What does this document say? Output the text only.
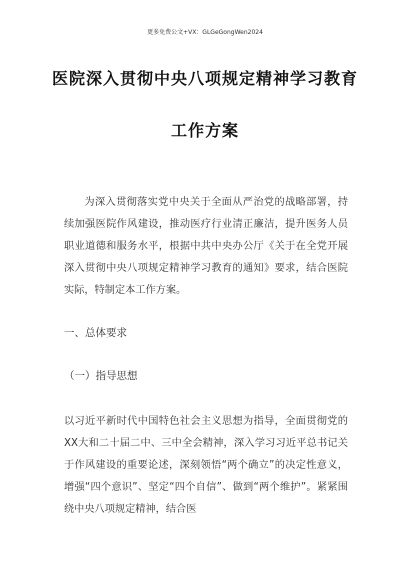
更多免费公文+VX：GLGeGongWen2024
医院深入贯彻中央八项规定精神学习教育
工作方案

为深入贯彻落实党中央关于全面从严治党的战略部署，持续加强医院作风建设，推动医疗行业清正廉洁，提升医务人员职业道德和服务水平，根据中共中央办公厅《关于在全党开展深入贯彻中央八项规定精神学习教育的通知》要求，结合医院实际，特制定本工作方案。

一、总体要求

（一）指导思想

以习近平新时代中国特色社会主义思想为指导，全面贯彻党的XX大和二十届二中、三中全会精神，深入学习习近平总书记关于作风建设的重要论述，深刻领悟“两个确立”的决定性意义，增强“四个意识”、坚定“四个自信”、做到“两个维护”。紧紧围绕中央八项规定精神，结合医
